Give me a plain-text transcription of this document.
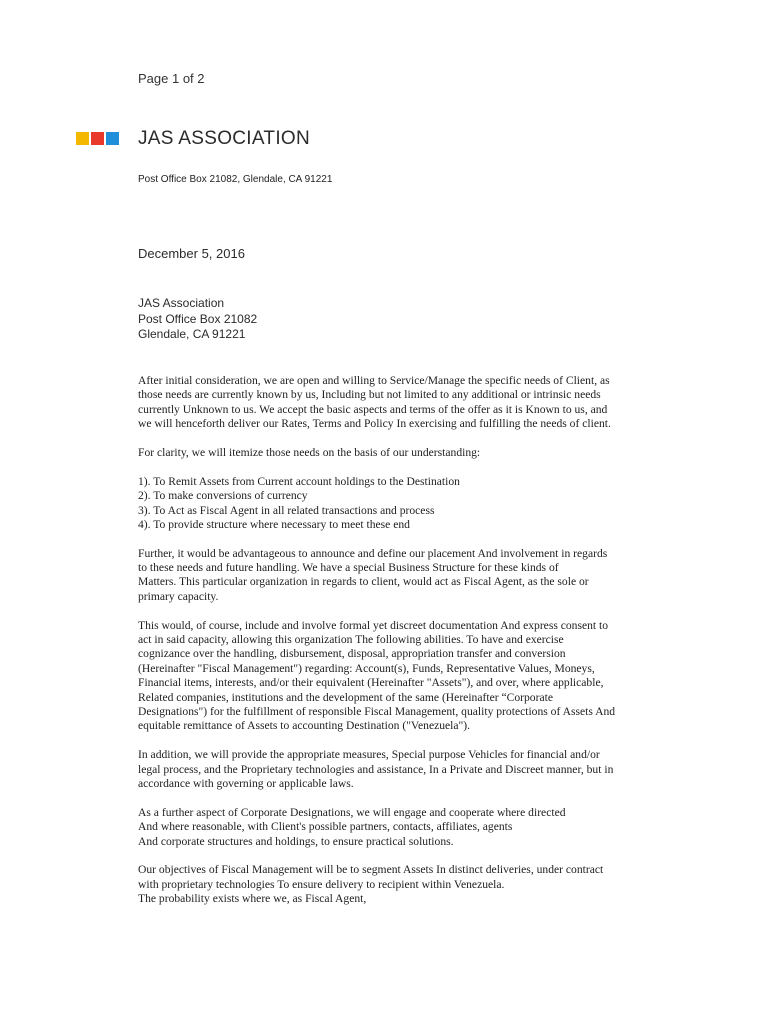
Page 1 of 2
JAS ASSOCIATION
Post Office Box 21082, Glendale, CA 91221
December 5, 2016
JAS Association
Post Office Box 21082
Glendale, CA 91221
After initial consideration, we are open and willing to Service/Manage the specific needs of Client, as
those needs are currently known by us, Including but not limited to any additional or intrinsic needs
currently Unknown to us. We accept the basic aspects and terms of the offer as it is Known to us, and
we will henceforth deliver our Rates, Terms and Policy In exercising and fulfilling the needs of client.
For clarity, we will itemize those needs on the basis of our understanding:
1). To Remit Assets from Current account holdings to the Destination
2). To make conversions of currency
3). To Act as Fiscal Agent in all related transactions and process
4). To provide structure where necessary to meet these end
Further, it would be advantageous to announce and define our placement And involvement in regards
to these needs and future handling. We have a special Business Structure for these kinds of
Matters. This particular organization in regards to client, would act as Fiscal Agent, as the sole or
primary capacity.
This would, of course, include and involve formal yet discreet documentation And express consent to
act in said capacity, allowing this organization The following abilities. To have and exercise
cognizance over the handling, disbursement, disposal, appropriation transfer and conversion
(Hereinafter "Fiscal Management") regarding: Account(s), Funds, Representative Values, Moneys,
Financial items, interests, and/or their equivalent (Hereinafter "Assets"), and over, where applicable,
Related companies, institutions and the development of the same (Hereinafter “Corporate
Designations") for the fulfillment of responsible Fiscal Management, quality protections of Assets And
equitable remittance of Assets to accounting Destination ("Venezuela").
In addition, we will provide the appropriate measures, Special purpose Vehicles for financial and/or
legal process, and the Proprietary technologies and assistance, In a Private and Discreet manner, but in
accordance with governing or applicable laws.
As a further aspect of Corporate Designations, we will engage and cooperate where directed
And where reasonable, with Client's possible partners, contacts, affiliates, agents
And corporate structures and holdings, to ensure practical solutions.
Our objectives of Fiscal Management will be to segment Assets In distinct deliveries, under contract
with proprietary technologies To ensure delivery to recipient within Venezuela.
The probability exists where we, as Fiscal Agent,
